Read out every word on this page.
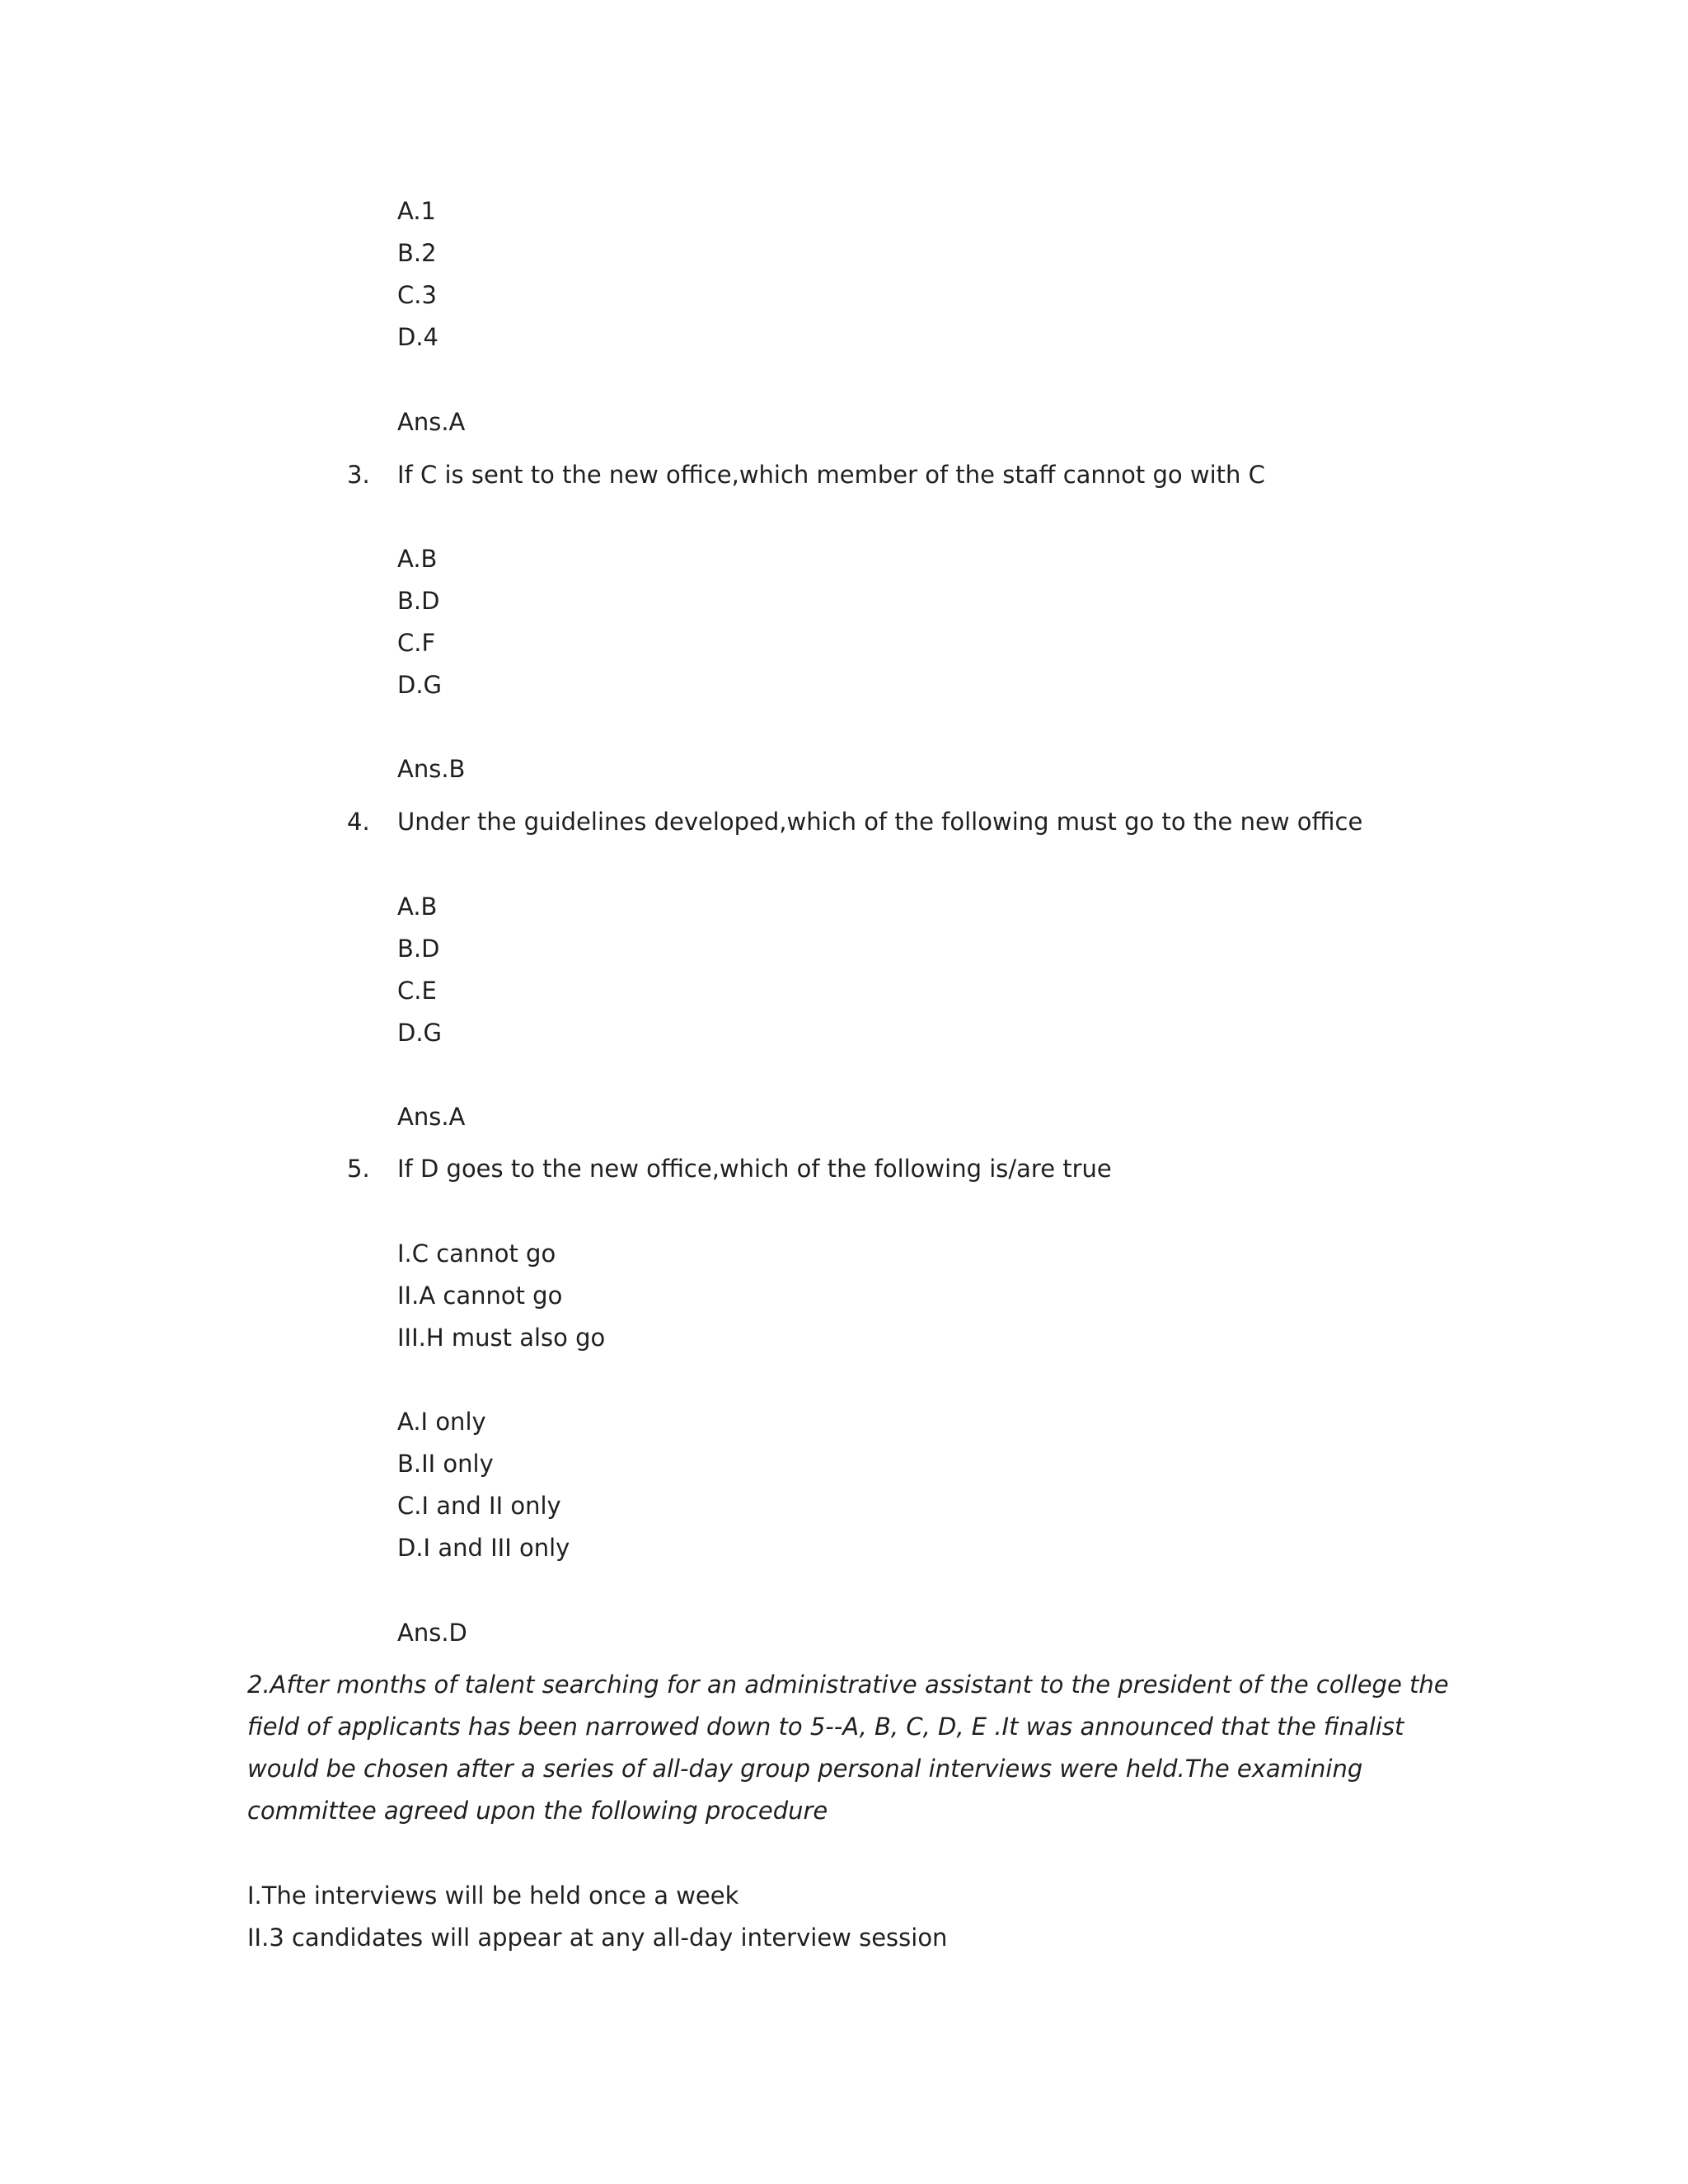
A.1
B.2
C.3
D.4
Ans.A
3. If C is sent to the new office,which member of the staff cannot go with C
A.B
B.D
C.F
D.G
Ans.B
4. Under the guidelines developed,which of the following must go to the new office
A.B
B.D
C.E
D.G
Ans.A
5. If D goes to the new office,which of the following is/are true
I.C cannot go
II.A cannot go
III.H must also go
A.I only
B.II only
C.I and II only
D.I and III only
Ans.D
2.After months of talent searching for an administrative assistant to the president of the college the
field of applicants has been narrowed down to 5--A, B, C, D, E .It was announced that the finalist
would be chosen after a series of all-day group personal interviews were held.The examining
committee agreed upon the following procedure
I.The interviews will be held once a week
II.3 candidates will appear at any all-day interview session
